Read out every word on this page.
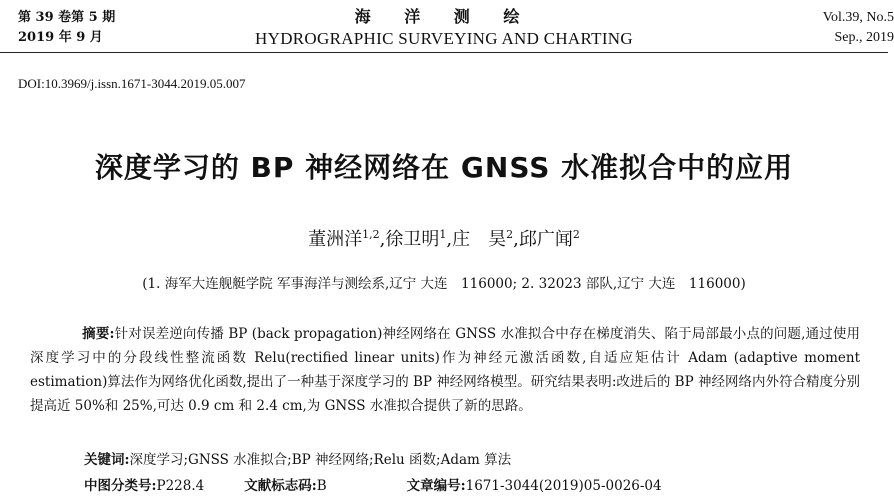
第 39 卷第 5 期
2019 年 9 月
海 洋 测 绘
HYDROGRAPHIC SURVEYING AND CHARTING
Vol.39, No.5
Sep., 2019
DOI:10.3969/j.issn.1671-3044.2019.05.007
深度学习的 BP 神经网络在 GNSS 水准拟合中的应用
董洲洋$^{1,2}$,徐卫明$^1$,庄　昊$^2$,邱广闻$^2$
(1. 海军大连舰艇学院 军事海洋与测绘系,辽宁 大连　116000; 2. 32023 部队,辽宁 大连　116000)
摘要:针对误差逆向传播 BP (back propagation)神经网络在 GNSS 水准拟合中存在梯度消失、陷于局部最小点的问题,通过使用深度学习中的分段线性整流函数 Relu(rectified linear units)作为神经元激活函数,自适应矩估计 Adam (adaptive moment estimation)算法作为网络优化函数,提出了一种基于深度学习的 BP 神经网络模型。研究结果表明:改进后的 BP 神经网络内外符合精度分别提高近 50%和 25%,可达 0.9 cm 和 2.4 cm,为 GNSS 水准拟合提供了新的思路。
关键词:深度学习;GNSS 水准拟合;BP 神经网络;Relu 函数;Adam 算法
中图分类号:P228.4	文献标志码:B	文章编号:1671-3044(2019)05-0026-04
